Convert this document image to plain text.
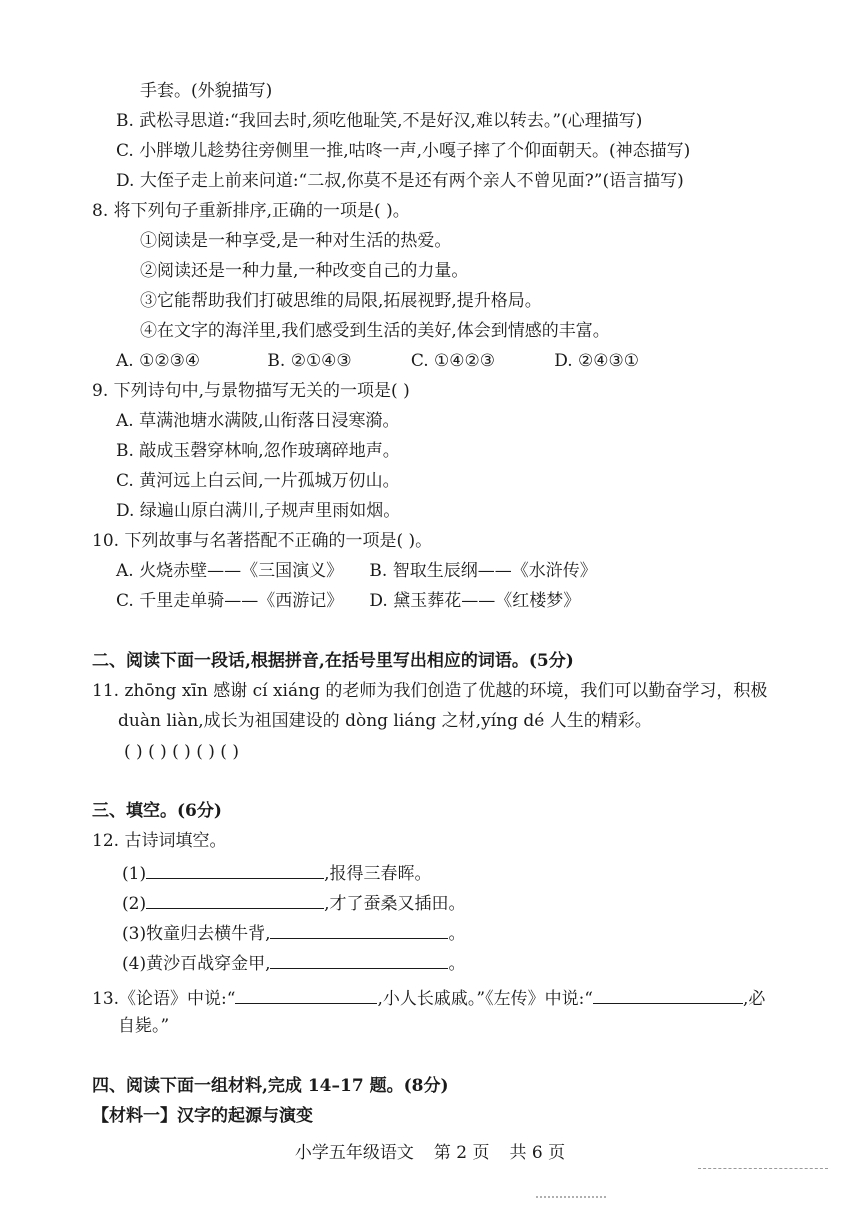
手套。(外貌描写)
B. 武松寻思道:“我回去时,须吃他耻笑,不是好汉,难以转去。”(心理描写)
C. 小胖墩儿趁势往旁侧里一推,咕咚一声,小嘎子摔了个仰面朝天。(神态描写)
D. 大侄子走上前来问道:“二叔,你莫不是还有两个亲人不曾见面?”(语言描写)
8. 将下列句子重新排序,正确的一项是( )。
①阅读是一种享受,是一种对生活的热爱。
②阅读还是一种力量,一种改变自己的力量。
③它能帮助我们打破思维的局限,拓展视野,提升格局。
④在文字的海洋里,我们感受到生活的美好,体会到情感的丰富。
A. ①②③④	B. ②①④③	C. ①④②③	D. ②④③①
9. 下列诗句中,与景物描写无关的一项是( )
A. 草满池塘水满陂,山衔落日浸寒漪。
B. 敲成玉磬穿林响,忽作玻璃碎地声。
C. 黄河远上白云间,一片孤城万仞山。
D. 绿遍山原白满川,子规声里雨如烟。
10. 下列故事与名著搭配不正确的一项是( )。
A. 火烧赤壁——《三国演义》 B. 智取生辰纲——《水浒传》
C. 千里走单骑——《西游记》 D. 黛玉葬花——《红楼梦》
二、阅读下面一段话,根据拼音,在括号里写出相应的词语。(5分)
11. zhōng xīn 感谢 cí xiáng 的老师为我们创造了优越的环境，我们可以勤奋学习，积极
duàn liàn,成长为祖国建设的 dòng liáng 之材,yíng dé 人生的精彩。
( ) ( ) ( ) ( ) ( )
三、填空。(6分)
12. 古诗词填空。
(1)	,报得三春晖。
(2)	,才了蚕桑又插田。
(3)牧童归去横牛背,	。
(4)黄沙百战穿金甲,	。
13.《论语》中说:“	,小人长戚戚。”《左传》中说:“	,必
自毙。”
四、阅读下面一组材料,完成 14–17 题。(8分)
【材料一】汉字的起源与演变
小学五年级语文 第 2 页 共 6 页
